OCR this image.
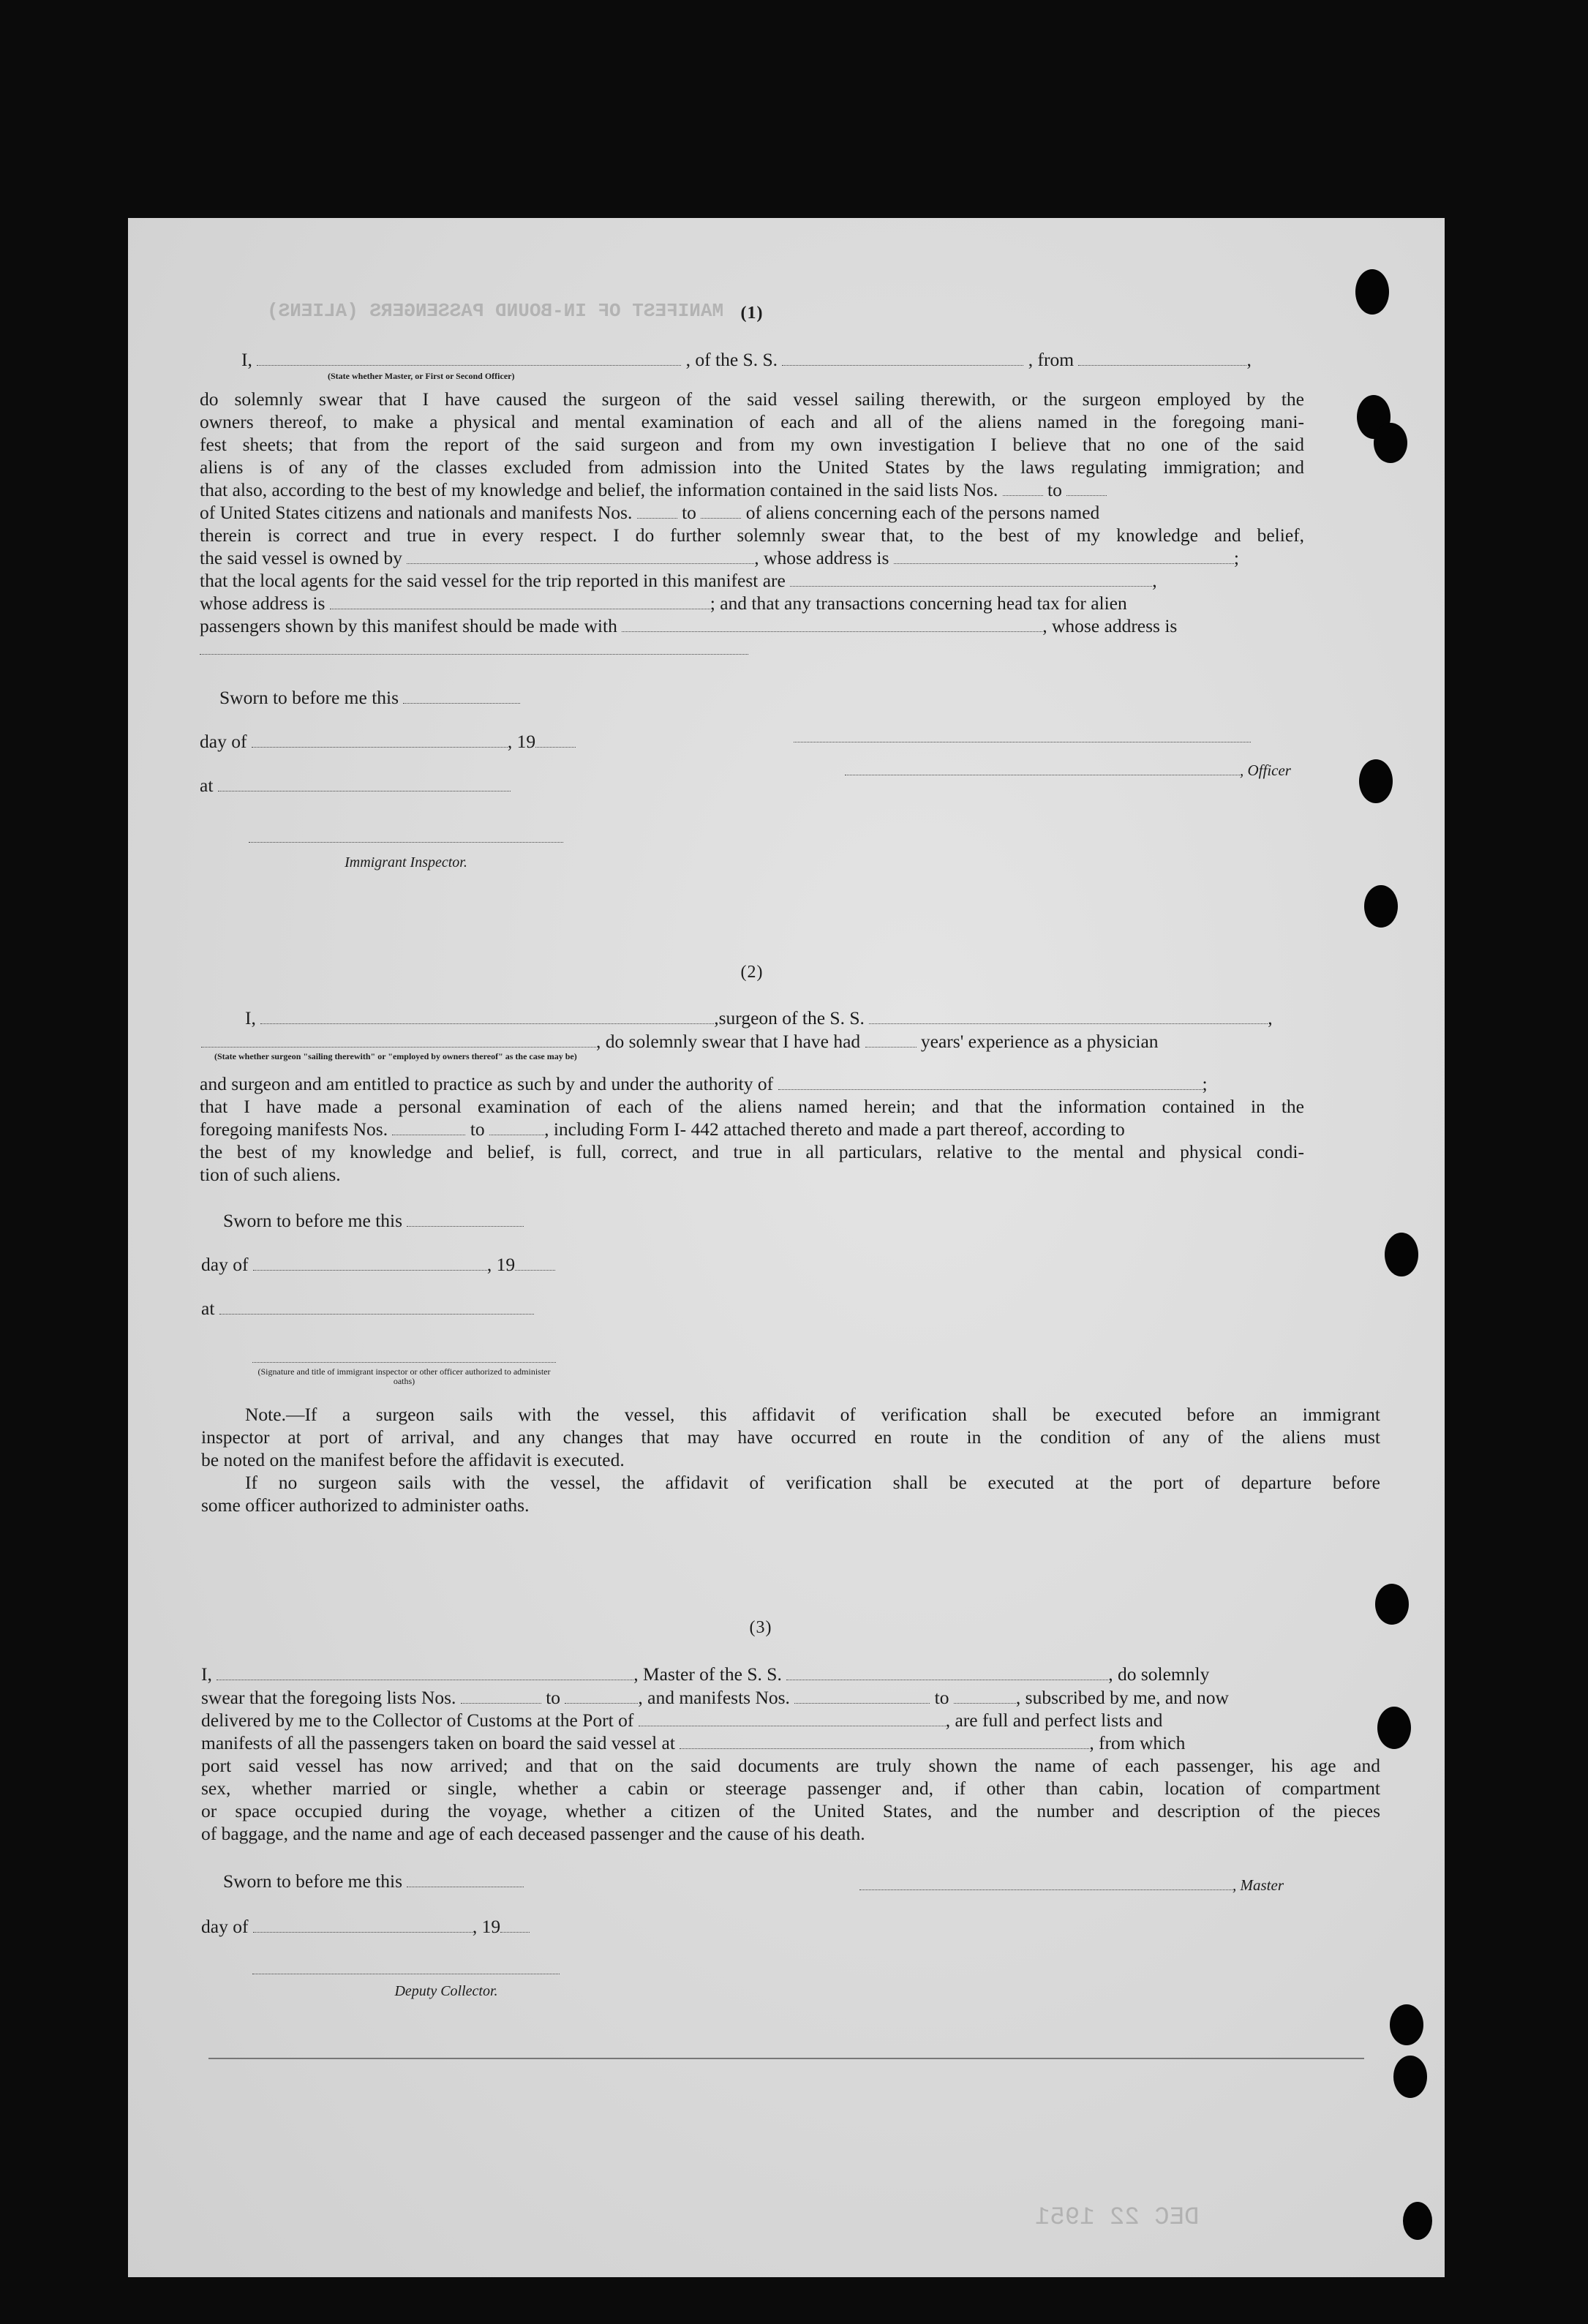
MANIFEST OF IN-BOUND PASSENGERS (ALIENS)
DEC 22 1951
(1)
I,	, of the S. S.	, from	,
(State whether Master, or First or Second Officer)
do solemnly swear that I have caused the surgeon of the said vessel sailing therewith, or the surgeon employed by the
owners thereof, to make a physical and mental examination of each and all of the aliens named in the foregoing mani-
fest sheets; that from the report of the said surgeon and from my own investigation I believe that no one of the said
aliens is of any of the classes excluded from admission into the United States by the laws regulating immigration; and
that also, according to the best of my knowledge and belief, the information contained in the said lists Nos.	to
of United States citizens and nationals and manifests Nos.	to	of aliens concerning each of the persons named
therein is correct and true in every respect. I do further solemnly swear that, to the best of my knowledge and belief,
the said vessel is owned by	, whose address is	;
that the local agents for the said vessel for the trip reported in this manifest are	,
whose address is	; and that any transactions concerning head tax for alien
passengers shown by this manifest should be made with	, whose address is
Sworn to before me this
day of	, 19
at
, Officer
Immigrant Inspector.
(2)
I,	,surgeon of the S. S.	,
, do solemnly swear that I have had	years' experience as a physician
(State whether surgeon "sailing therewith" or "employed by owners thereof" as the case may be)
and surgeon and am entitled to practice as such by and under the authority of	;
that I have made a personal examination of each of the aliens named herein; and that the information contained in the
foregoing manifests Nos.	to	, including Form I- 442 attached thereto and made a part thereof, according to
the best of my knowledge and belief, is full, correct, and true in all particulars, relative to the mental and physical condi-
tion of such aliens.
Sworn to before me this
day of	, 19
at
(Signature and title of immigrant inspector or other officer authorized to administer oaths)
Note.—If a surgeon sails with the vessel, this affidavit of verification shall be executed before an immigrant
inspector at port of arrival, and any changes that may have occurred en route in the condition of any of the aliens must
be noted on the manifest before the affidavit is executed.
If no surgeon sails with the vessel, the affidavit of verification shall be executed at the port of departure before
some officer authorized to administer oaths.
(3)
I,	, Master of the S. S.	, do solemnly
swear that the foregoing lists Nos.	to	, and manifests Nos.	to	, subscribed by me, and now
delivered by me to the Collector of Customs at the Port of	, are full and perfect lists and
manifests of all the passengers taken on board the said vessel at	, from which
port said vessel has now arrived; and that on the said documents are truly shown the name of each passenger, his age and
sex, whether married or single, whether a cabin or steerage passenger and, if other than cabin, location of compartment
or space occupied during the voyage, whether a citizen of the United States, and the number and description of the pieces
of baggage, and the name and age of each deceased passenger and the cause of his death.
Sworn to before me this	, Master
day of	, 19
Deputy Collector.
